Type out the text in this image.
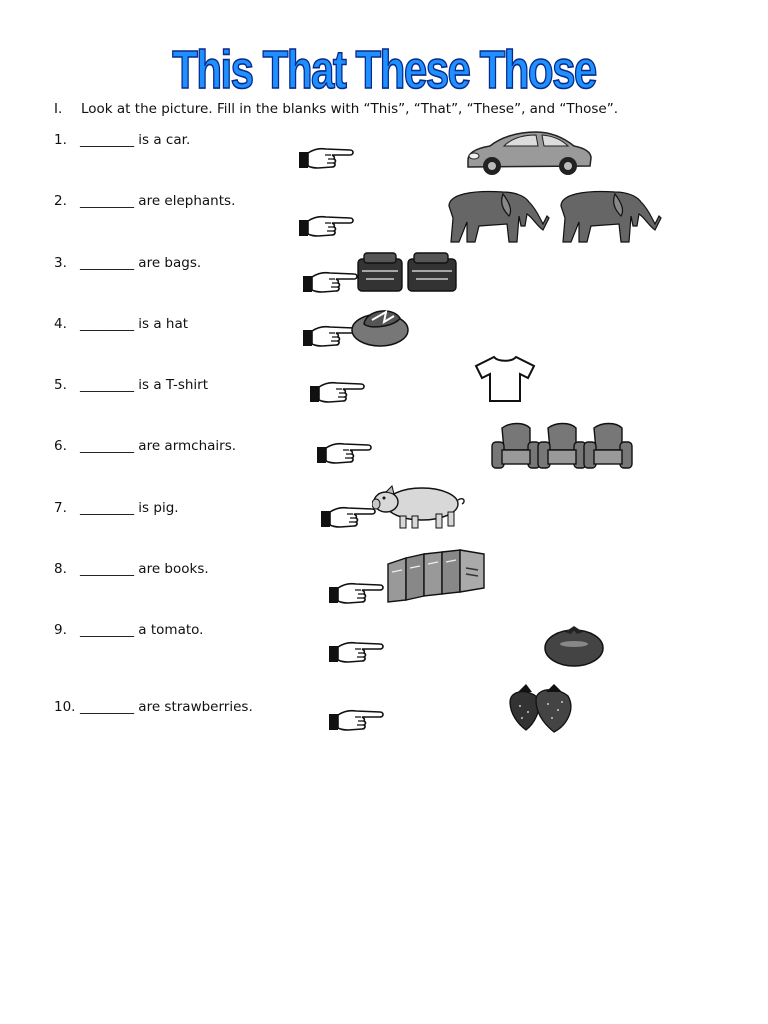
This That These Those
I. Look at the picture. Fill in the blanks with “This”, “That”, “These”, and “Those”.
1. ________ is a car.
2. ________ are elephants.
3. ________ are bags.
4. ________ is a hat
5. ________ is a T-shirt
6. ________ are armchairs.
7. ________ is pig.
8. ________ are books.
9. ________ a tomato.
10. ________ are strawberries.
